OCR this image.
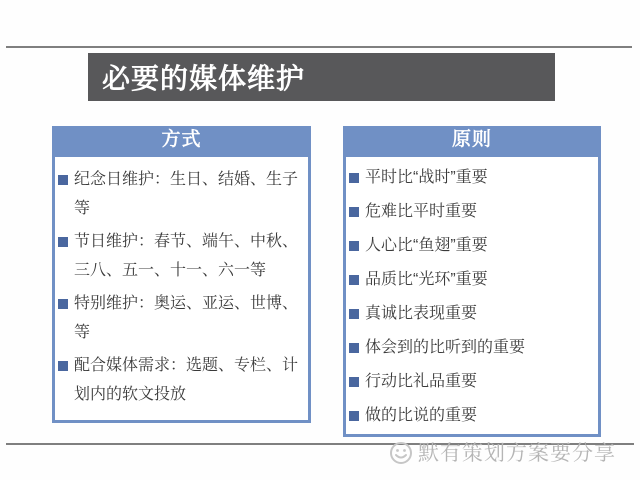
必要的媒体维护
方式
纪念日维护：生日、结婚、生子等
节日维护：春节、端午、中秋、三八、五一、十一、六一等
特别维护：奥运、亚运、世博、等
配合媒体需求：选题、专栏、计划内的软文投放
原则
平时比“战时”重要
危难比平时重要
人心比“鱼翅”重要
品质比“光环”重要
真诚比表现重要
体会到的比听到的重要
行动比礼品重要
做的比说的重要
默有策划方案要分享
